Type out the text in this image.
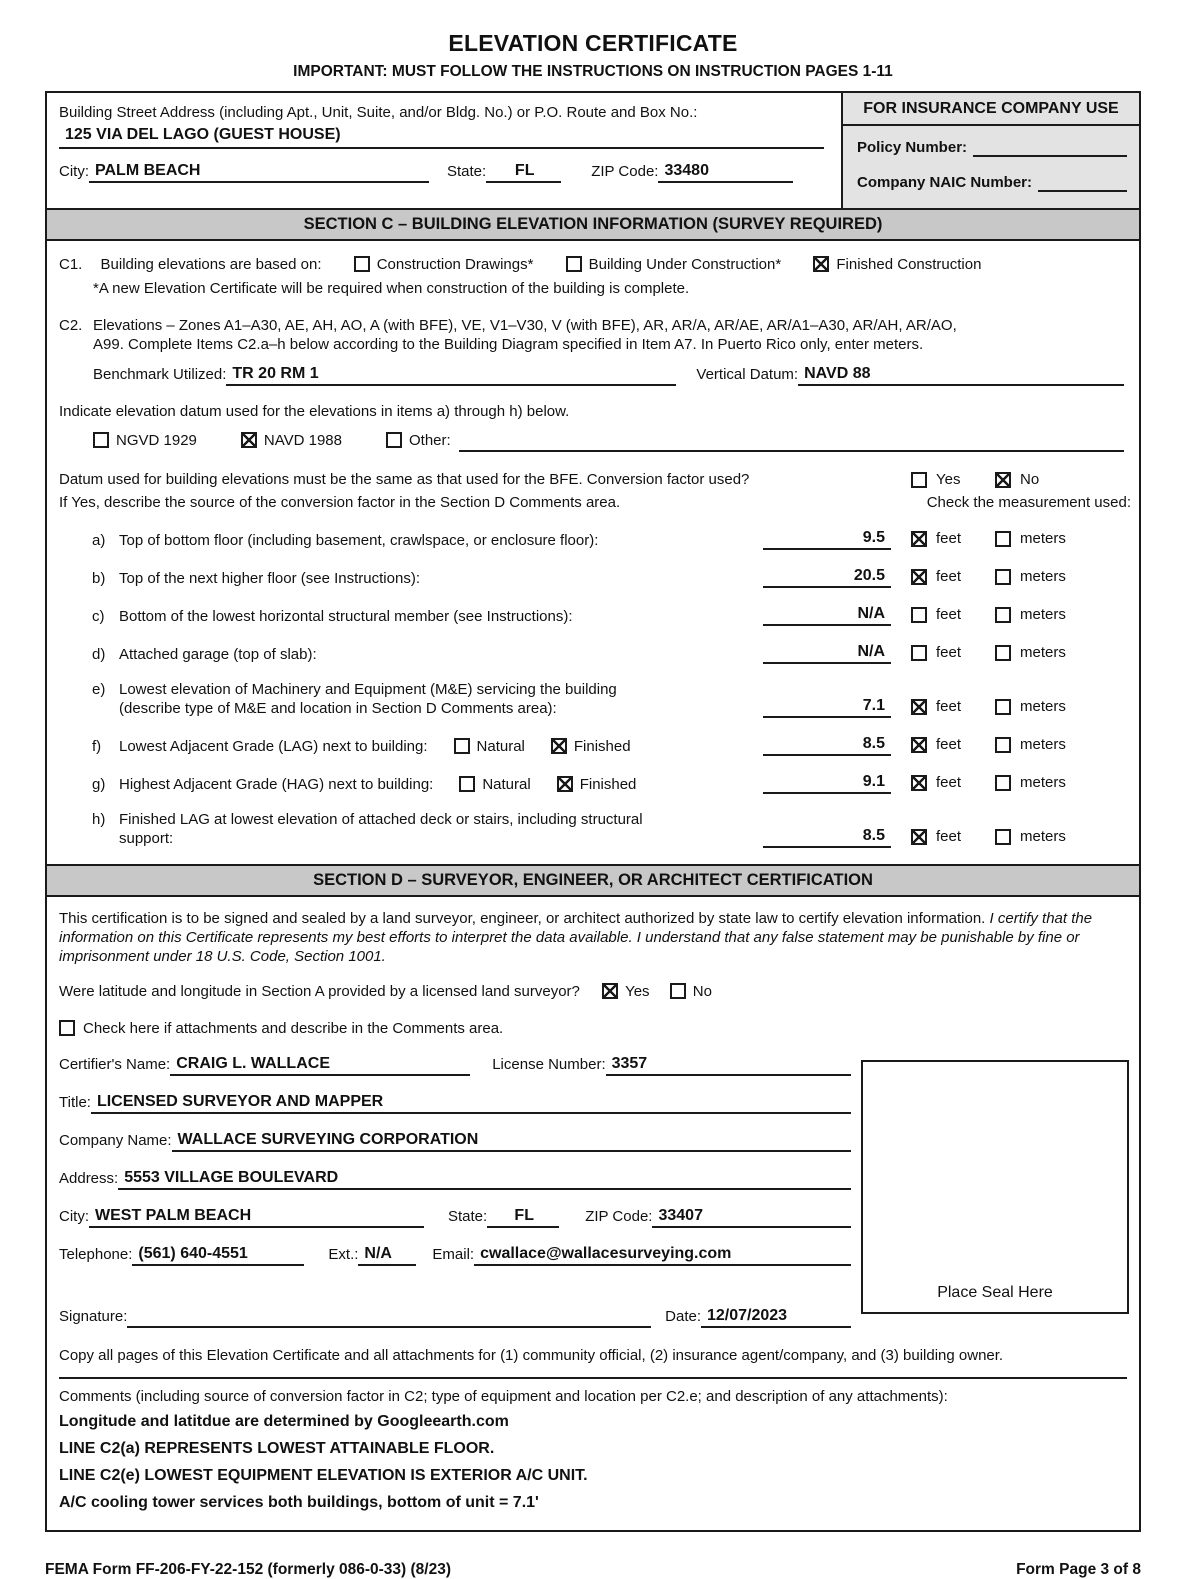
ELEVATION CERTIFICATE
IMPORTANT: MUST FOLLOW THE INSTRUCTIONS ON INSTRUCTION PAGES 1-11
Building Street Address (including Apt., Unit, Suite, and/or Bldg. No.) or P.O. Route and Box No.:
125 VIA DEL LAGO (GUEST HOUSE)
City: PALM BEACH	State:	FL	ZIP Code: 33480
FOR INSURANCE COMPANY USE
Policy Number:
Company NAIC Number:
SECTION C – BUILDING ELEVATION INFORMATION (SURVEY REQUIRED)
C1. Building elevations are based on:	Construction Drawings*	Building Under Construction*	Finished Construction
*A new Elevation Certificate will be required when construction of the building is complete.
C2. Elevations – Zones A1–A30, AE, AH, AO, A (with BFE), VE, V1–V30, V (with BFE), AR, AR/A, AR/AE, AR/A1–A30, AR/AH, AR/AO,
A99. Complete Items C2.a–h below according to the Building Diagram specified in Item A7. In Puerto Rico only, enter meters.
Benchmark Utilized: TR 20 RM 1	Vertical Datum: NAVD 88
Indicate elevation datum used for the elevations in items a) through h) below.
NGVD 1929	NAVD 1988	Other:
Datum used for building elevations must be the same as that used for the BFE. Conversion factor used?	Yes	No
If Yes, describe the source of the conversion factor in the Section D Comments area.	Check the measurement used:
a) Top of bottom floor (including basement, crawlspace, or enclosure floor):	9.5	feet	meters
b) Top of the next higher floor (see Instructions):	20.5	feet	meters
c) Bottom of the lowest horizontal structural member (see Instructions):	N/A	feet	meters
d) Attached garage (top of slab):	N/A	feet	meters
e) Lowest elevation of Machinery and Equipment (M&E) servicing the building
(describe type of M&E and location in Section D Comments area):	7.1	feet	meters
f)	Lowest Adjacent Grade (LAG) next to building:	Natural	Finished	8.5	feet	meters
g) Highest Adjacent Grade (HAG) next to building:	Natural	Finished	9.1	feet	meters
h) Finished LAG at lowest elevation of attached deck or stairs, including structural
support:	8.5	feet	meters
SECTION D – SURVEYOR, ENGINEER, OR ARCHITECT CERTIFICATION
This certification is to be signed and sealed by a land surveyor, engineer, or architect authorized by state law to certify elevation information. I certify that the information on this Certificate represents my best efforts to interpret the data available. I understand that any false statement may be punishable by fine or imprisonment under 18 U.S. Code, Section 1001.
Were latitude and longitude in Section A provided by a licensed land surveyor?	Yes	No
Check here if attachments and describe in the Comments area.
Place Seal Here
Certifier's Name: CRAIG L. WALLACE	License Number: 3357
Title: LICENSED SURVEYOR AND MAPPER
Company Name: WALLACE SURVEYING CORPORATION
Address: 5553 VILLAGE BOULEVARD
City: WEST PALM BEACH	State:	FL	ZIP Code: 33407
Telephone: (561) 640-4551	Ext.: N/A	Email: cwallace@wallacesurveying.com
Signature:	Date: 12/07/2023
Copy all pages of this Elevation Certificate and all attachments for (1) community official, (2) insurance agent/company, and (3) building owner.
Comments (including source of conversion factor in C2; type of equipment and location per C2.e; and description of any attachments):
Longitude and latitdue are determined by Googleearth.com
LINE C2(a) REPRESENTS LOWEST ATTAINABLE FLOOR.
LINE C2(e) LOWEST EQUIPMENT ELEVATION IS EXTERIOR A/C UNIT.
A/C cooling tower services both buildings, bottom of unit = 7.1'
FEMA Form FF-206-FY-22-152 (formerly 086-0-33) (8/23)	Form Page 3 of 8
